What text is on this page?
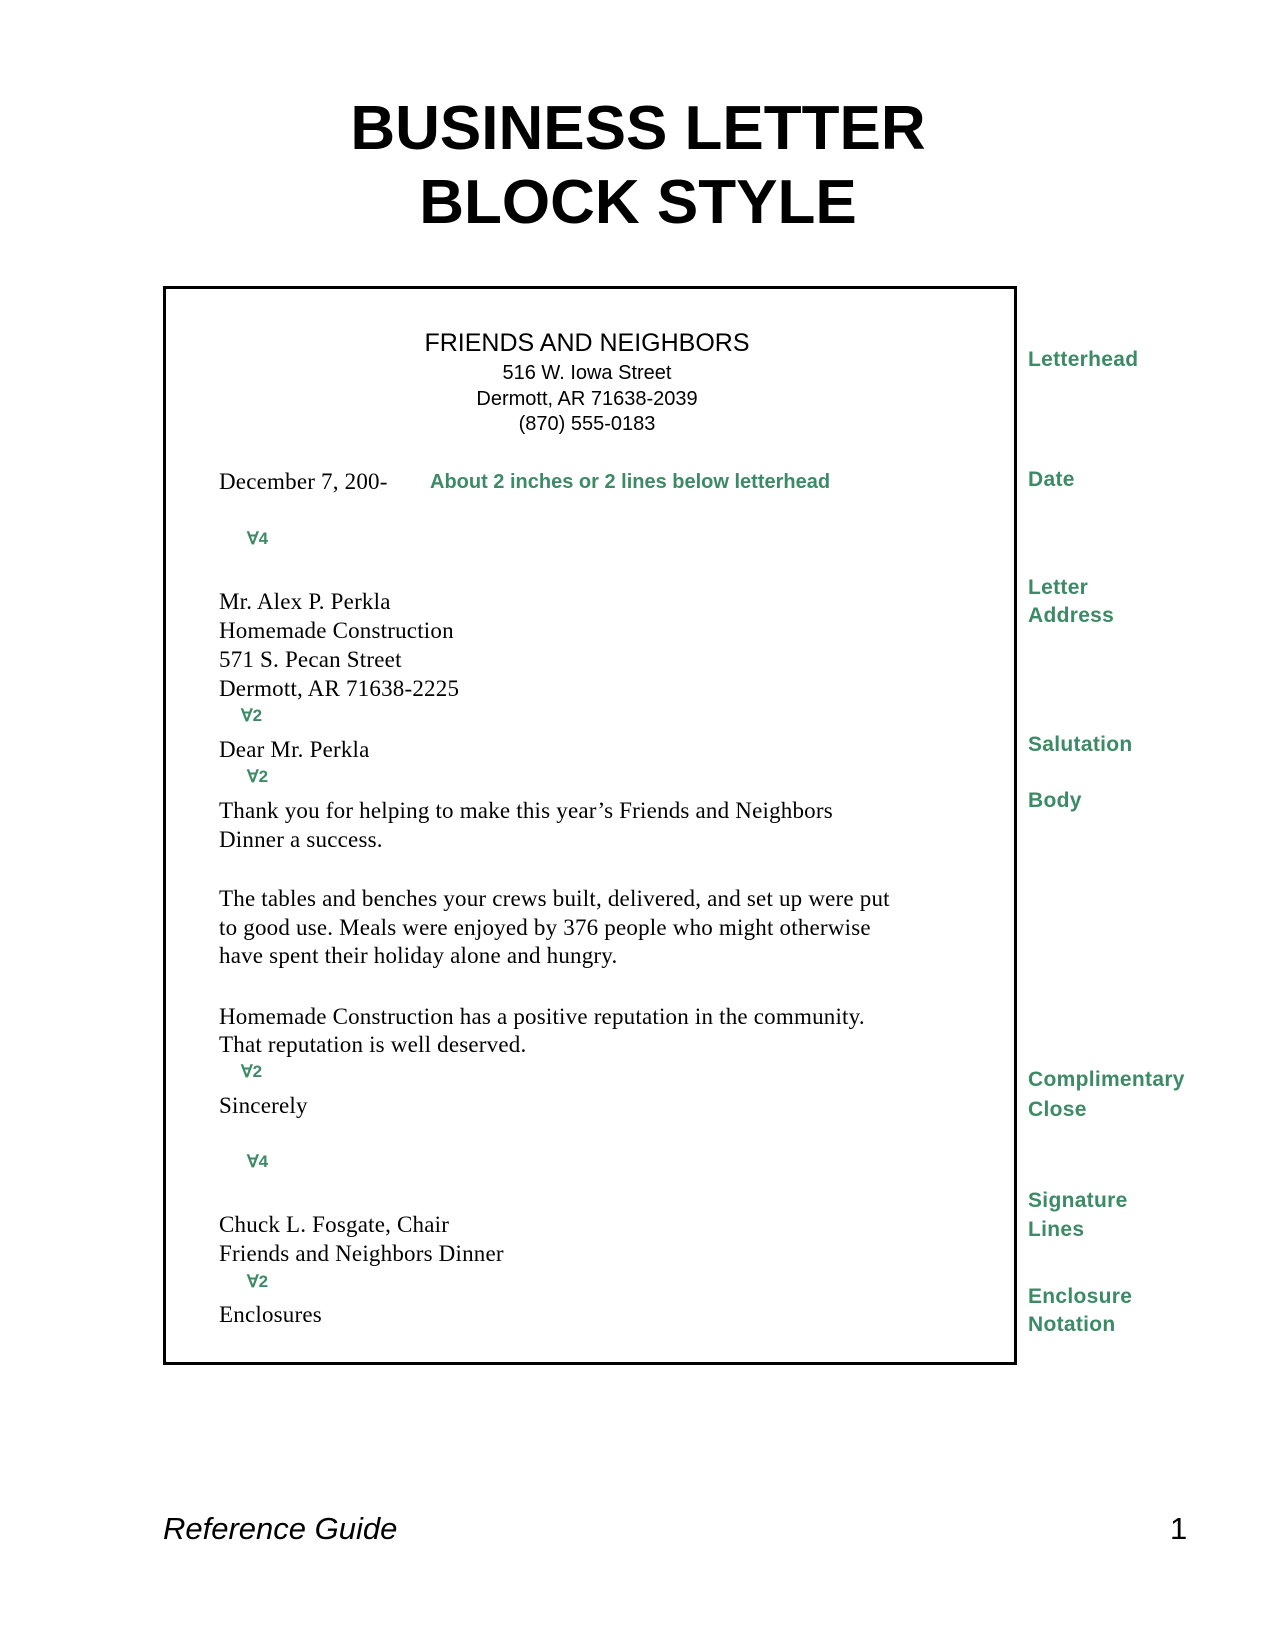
BUSINESS LETTER
BLOCK STYLE
FRIENDS AND NEIGHBORS
516 W. Iowa Street
Dermott, AR 71638-2039
(870) 555-0183
December 7, 200- About 2 inches or 2 lines below letterhead
∀4
Mr. Alex P. Perkla
Homemade Construction
571 S. Pecan Street
Dermott, AR 71638-2225
∀2
Dear Mr. Perkla
∀2
Thank you for helping to make this year’s Friends and Neighbors
Dinner a success.
The tables and benches your crews built, delivered, and set up were put
to good use. Meals were enjoyed by 376 people who might otherwise
have spent their holiday alone and hungry.
Homemade Construction has a positive reputation in the community.
That reputation is well deserved.
∀2
Sincerely
∀4
Chuck L. Fosgate, Chair
Friends and Neighbors Dinner
∀2
Enclosures
Letterhead
Date
Letter
Address
Salutation
Body
Complimentary
Close
Signature
Lines
Enclosure
Notation
Reference Guide	1
